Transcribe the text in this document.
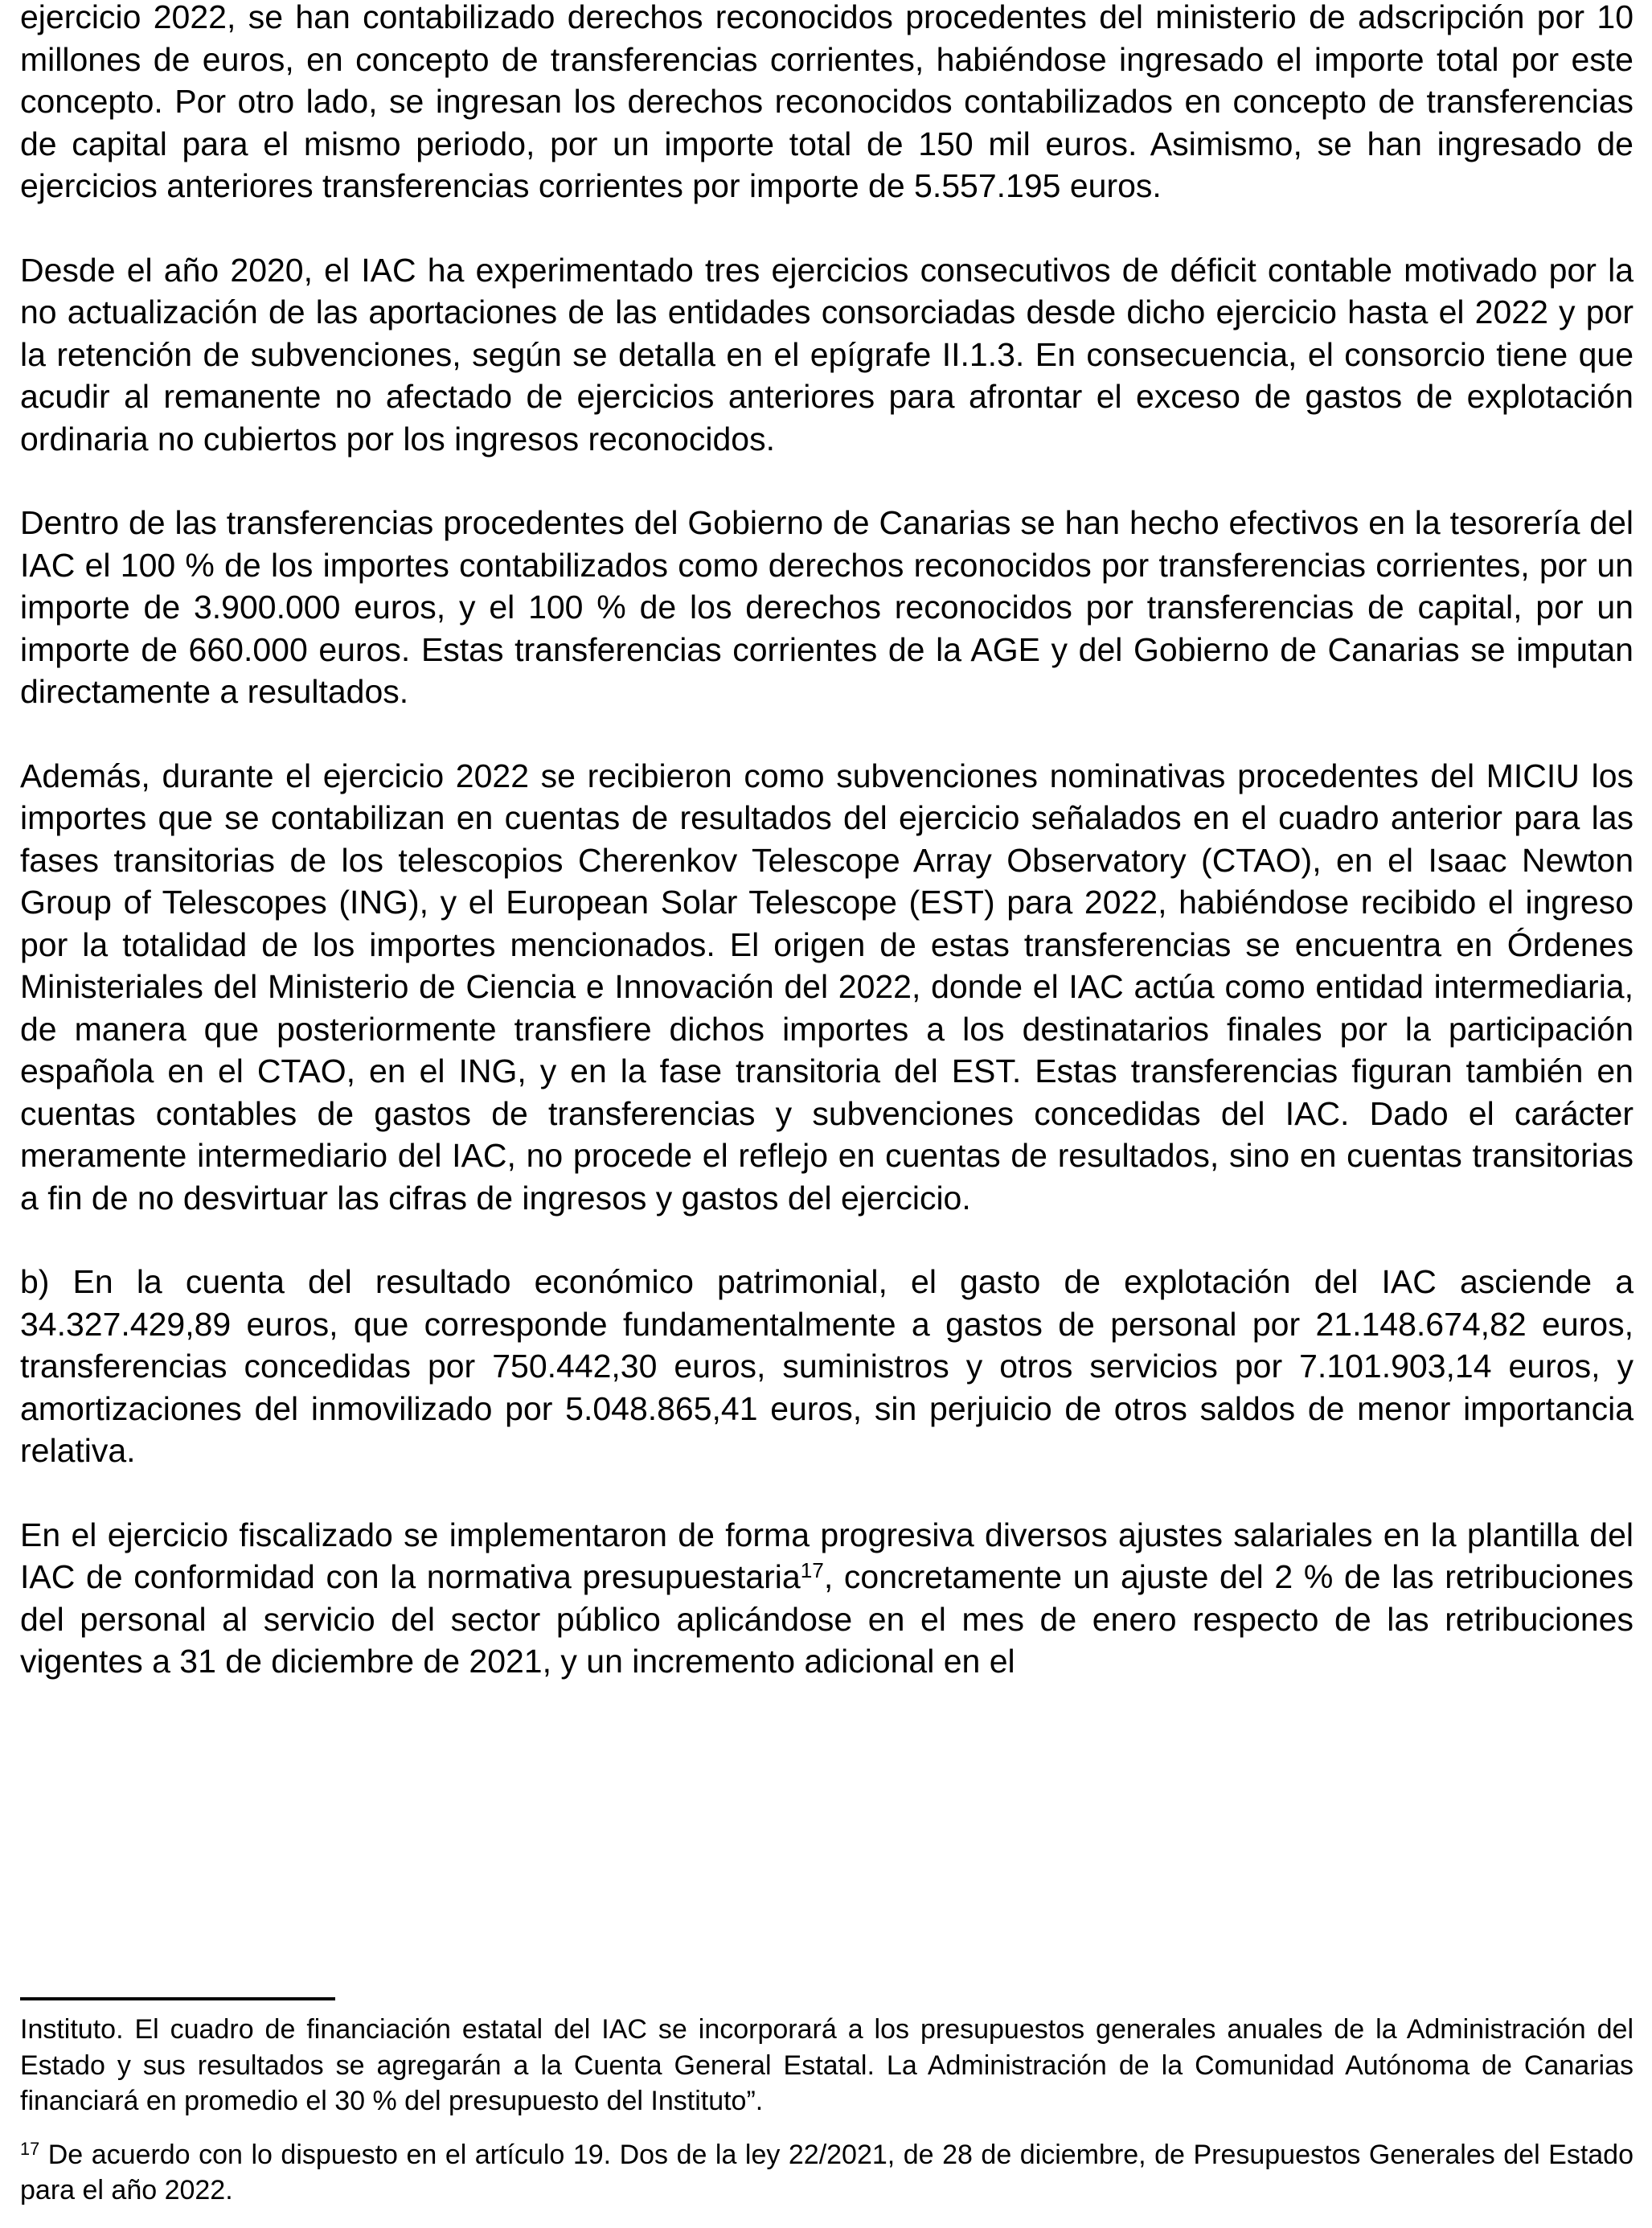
ejercicio 2022, se han contabilizado derechos reconocidos procedentes del ministerio de adscripción por 10 millones de euros, en concepto de transferencias corrientes, habiéndose ingresado el importe total por este concepto. Por otro lado, se ingresan los derechos reconocidos contabilizados en concepto de transferencias de capital para el mismo periodo, por un importe total de 150 mil euros. Asimismo, se han ingresado de ejercicios anteriores transferencias corrientes por importe de 5.557.195 euros.

Desde el año 2020, el IAC ha experimentado tres ejercicios consecutivos de déficit contable motivado por la no actualización de las aportaciones de las entidades consorciadas desde dicho ejercicio hasta el 2022 y por la retención de subvenciones, según se detalla en el epígrafe II.1.3. En consecuencia, el consorcio tiene que acudir al remanente no afectado de ejercicios anteriores para afrontar el exceso de gastos de explotación ordinaria no cubiertos por los ingresos reconocidos.

Dentro de las transferencias procedentes del Gobierno de Canarias se han hecho efectivos en la tesorería del IAC el 100 % de los importes contabilizados como derechos reconocidos por transferencias corrientes, por un importe de 3.900.000 euros, y el 100 % de los derechos reconocidos por transferencias de capital, por un importe de 660.000 euros. Estas transferencias corrientes de la AGE y del Gobierno de Canarias se imputan directamente a resultados.

Además, durante el ejercicio 2022 se recibieron como subvenciones nominativas procedentes del MICIU los importes que se contabilizan en cuentas de resultados del ejercicio señalados en el cuadro anterior para las fases transitorias de los telescopios Cherenkov Telescope Array Observatory (CTAO), en el Isaac Newton Group of Telescopes (ING), y el European Solar Telescope (EST) para 2022, habiéndose recibido el ingreso por la totalidad de los importes mencionados. El origen de estas transferencias se encuentra en Órdenes Ministeriales del Ministerio de Ciencia e Innovación del 2022, donde el IAC actúa como entidad intermediaria, de manera que posteriormente transfiere dichos importes a los destinatarios finales por la participación española en el CTAO, en el ING, y en la fase transitoria del EST. Estas transferencias figuran también en cuentas contables de gastos de transferencias y subvenciones concedidas del IAC. Dado el carácter meramente intermediario del IAC, no procede el reflejo en cuentas de resultados, sino en cuentas transitorias a fin de no desvirtuar las cifras de ingresos y gastos del ejercicio.

b) En la cuenta del resultado económico patrimonial, el gasto de explotación del IAC asciende a 34.327.429,89 euros, que corresponde fundamentalmente a gastos de personal por 21.148.674,82 euros, transferencias concedidas por 750.442,30 euros, suministros y otros servicios por 7.101.903,14 euros, y amortizaciones del inmovilizado por 5.048.865,41 euros, sin perjuicio de otros saldos de menor importancia relativa.

En el ejercicio fiscalizado se implementaron de forma progresiva diversos ajustes salariales en la plantilla del IAC de conformidad con la normativa presupuestaria$^{17}$, concretamente un ajuste del 2 % de las retribuciones del personal al servicio del sector público aplicándose en el mes de enero respecto de las retribuciones vigentes a 31 de diciembre de 2021, y un incremento adicional en el

Instituto. El cuadro de financiación estatal del IAC se incorporará a los presupuestos generales anuales de la Administración del Estado y sus resultados se agregarán a la Cuenta General Estatal. La Administración de la Comunidad Autónoma de Canarias financiará en promedio el 30 % del presupuesto del Instituto”.

$^{17}$ De acuerdo con lo dispuesto en el artículo 19. Dos de la ley 22/2021, de 28 de diciembre, de Presupuestos Generales del Estado para el año 2022.
